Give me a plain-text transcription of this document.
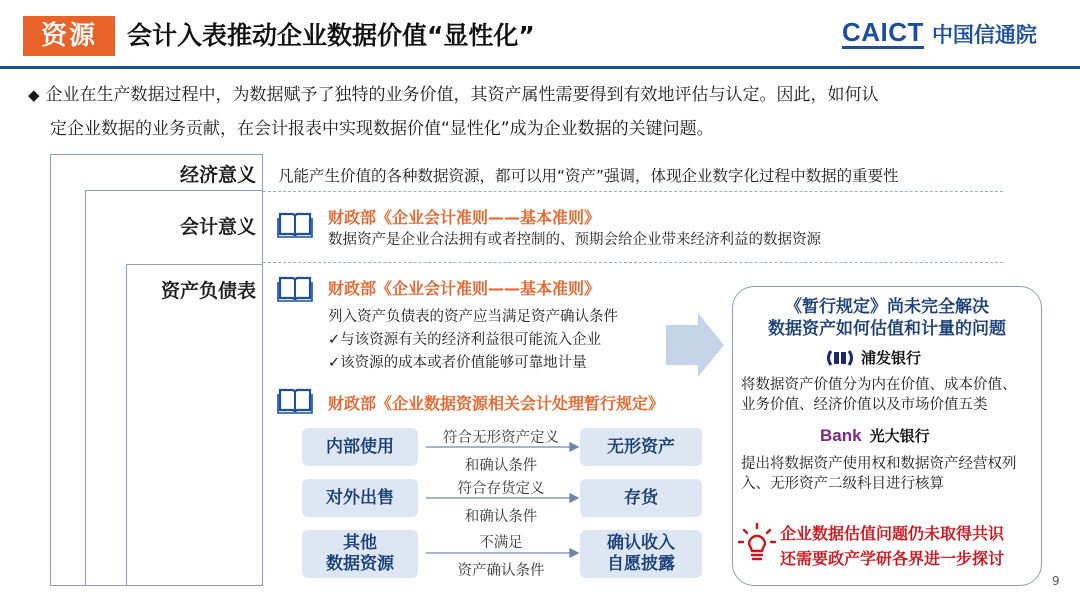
资源	会计入表推动企业数据价值“显性化”	CAICT 中国信通院
◆ 企业在生产数据过程中，为数据赋予了独特的业务价值，其资产属性需要得到有效地评估与认定。因此，如何认
定企业数据的业务贡献，在会计报表中实现数据价值“显性化”成为企业数据的关键问题。
经济意义 凡能产生价值的各种数据资源，都可以用“资产”强调，体现企业数字化过程中数据的重要性
会计意义	财政部《企业会计准则——基本准则》
数据资产是企业合法拥有或者控制的、预期会给企业带来经济利益的数据资源
资产负债表	财政部《企业会计准则——基本准则》
列入资产负债表的资产应当满足资产确认条件
✓与该资源有关的经济利益很可能流入企业
✓该资源的成本或者价值能够可靠地计量
财政部《企业数据资源相关会计处理暂行规定》
内部使用	符合无形资产定义
和确认条件
无形资产
对外出售	符合存货定义
和确认条件
存货
其他
数据资源
不满足
资产确认条件
确认收入
自愿披露
《暂行规定》尚未完全解决
数据资产如何估值和计量的问题
浦发银行
将数据资产价值分为内在价值、成本价值、
业务价值、经济价值以及市场价值五类
Bank 光大银行
提出将数据资产使用权和数据资产经营权列
入、无形资产二级科目进行核算
企业数据估值问题仍未取得共识
还需要政产学研各界进一步探讨
9
